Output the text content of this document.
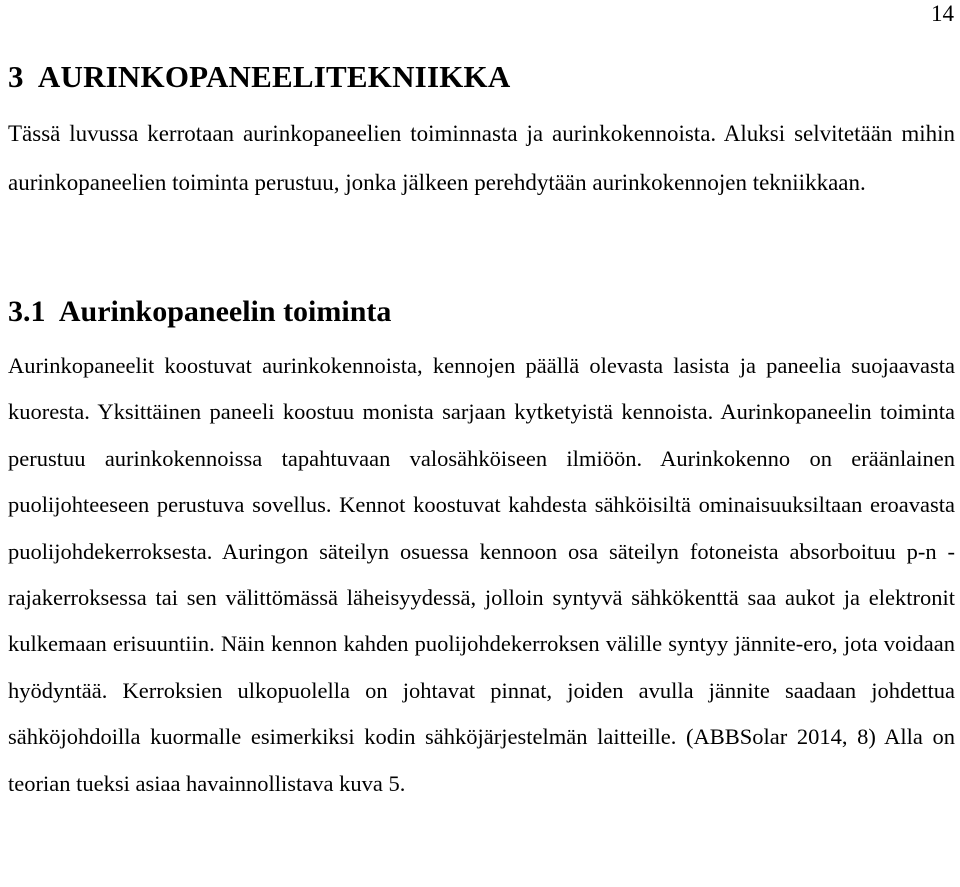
14
3  AURINKOPANEELITEKNIIKKA

Tässä luvussa kerrotaan aurinkopaneelien toiminnasta ja aurinkokennoista. Aluksi selvitetään mihin aurinkopaneelien toiminta perustuu, jonka jälkeen perehdytään aurinkokennojen tekniikkaan.

3.1  Aurinkopaneelin toiminta

Aurinkopaneelit koostuvat aurinkokennoista, kennojen päällä olevasta lasista ja paneelia suojaavasta kuoresta. Yksittäinen paneeli koostuu monista sarjaan kytketyistä kennoista. Aurinkopaneelin toiminta perustuu aurinkokennoissa tapahtuvaan valosähköiseen ilmiöön. Aurinkokenno on eräänlainen puolijohteeseen perustuva sovellus. Kennot koostuvat kahdesta sähköisiltä ominaisuuksiltaan eroavasta puolijohdekerroksesta. Auringon säteilyn osuessa kennoon osa säteilyn fotoneista absorboituu p-n -rajakerroksessa tai sen välittömässä läheisyydessä, jolloin syntyvä sähkökenttä saa aukot ja elektronit kulkemaan erisuuntiin. Näin kennon kahden puolijohdekerroksen välille syntyy jännite-ero, jota voidaan hyödyntää. Kerroksien ulkopuolella on johtavat pinnat, joiden avulla jännite saadaan johdettua sähköjohdoilla kuormalle esimerkiksi kodin sähköjärjestelmän laitteille. (ABBSolar 2014, 8) Alla on teorian tueksi asiaa havainnollistava kuva 5.
